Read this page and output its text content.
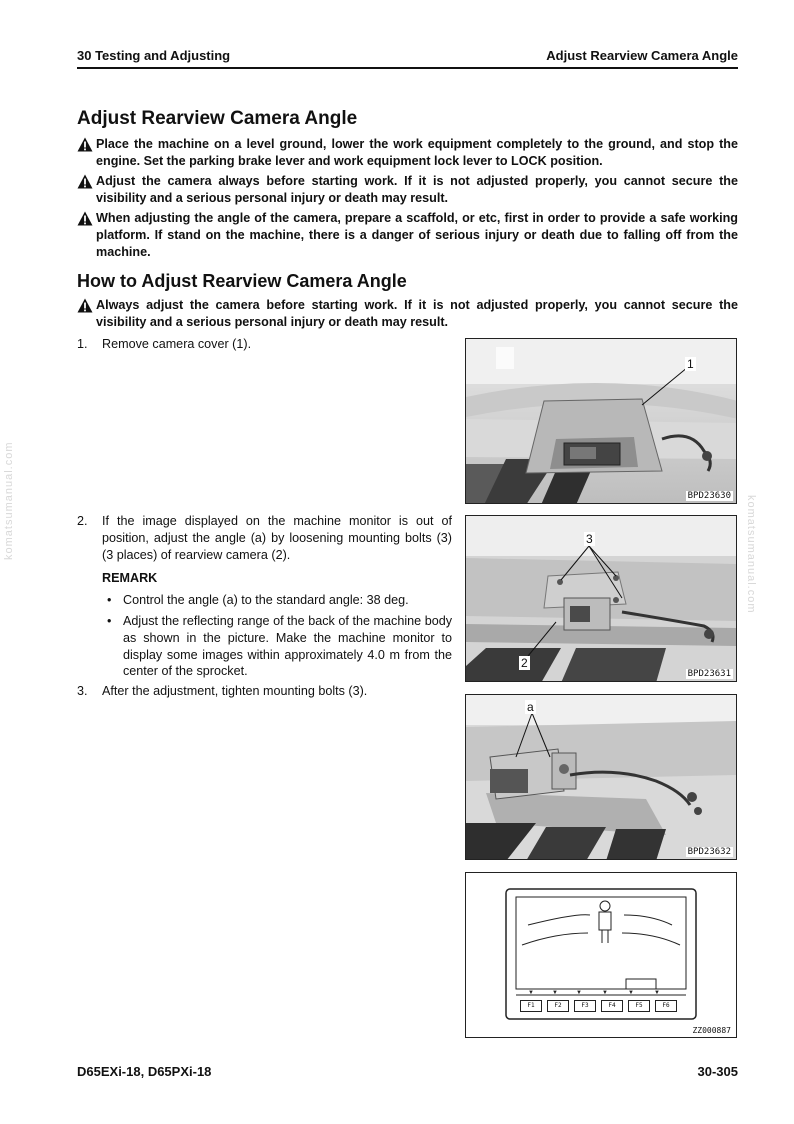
30 Testing and Adjusting	Adjust Rearview Camera Angle
Adjust Rearview Camera Angle
Place the machine on a level ground, lower the work equipment completely to the ground, and stop the engine. Set the parking brake lever and work equipment lock lever to LOCK position.
Adjust the camera always before starting work. If it is not adjusted properly, you cannot secure the visibility and a serious personal injury or death may result.
When adjusting the angle of the camera, prepare a scaffold, or etc, first in order to provide a safe working platform. If stand on the machine, there is a danger of serious injury or death due to falling off from the machine.
How to Adjust Rearview Camera Angle
Always adjust the camera before starting work. If it is not adjusted properly, you cannot secure the visibility and a serious personal injury or death may result.
1.	Remove camera cover (1).
2.	If the image displayed on the machine monitor is out of position, adjust the angle (a) by loosening mounting bolts (3) (3 places) of rearview camera (2).
REMARK
• Control the angle (a) to the standard angle: 38 deg.
• Adjust the reflecting range of the back of the machine body as shown in the picture. Make the machine monitor to display some images within approximately 4.0 m from the center of the sprocket.
3.	After the adjustment, tighten mounting bolts (3).
1
BPD23630
3
2
BPD23631
a
BPD23632
▼	▼	▼	▼	▼	▼
F1	F2	F3	F4	F5	F6
ZZ000887
komatsumanual.com	komatsumanual.com
D65EXi-18, D65PXi-18	30-305
